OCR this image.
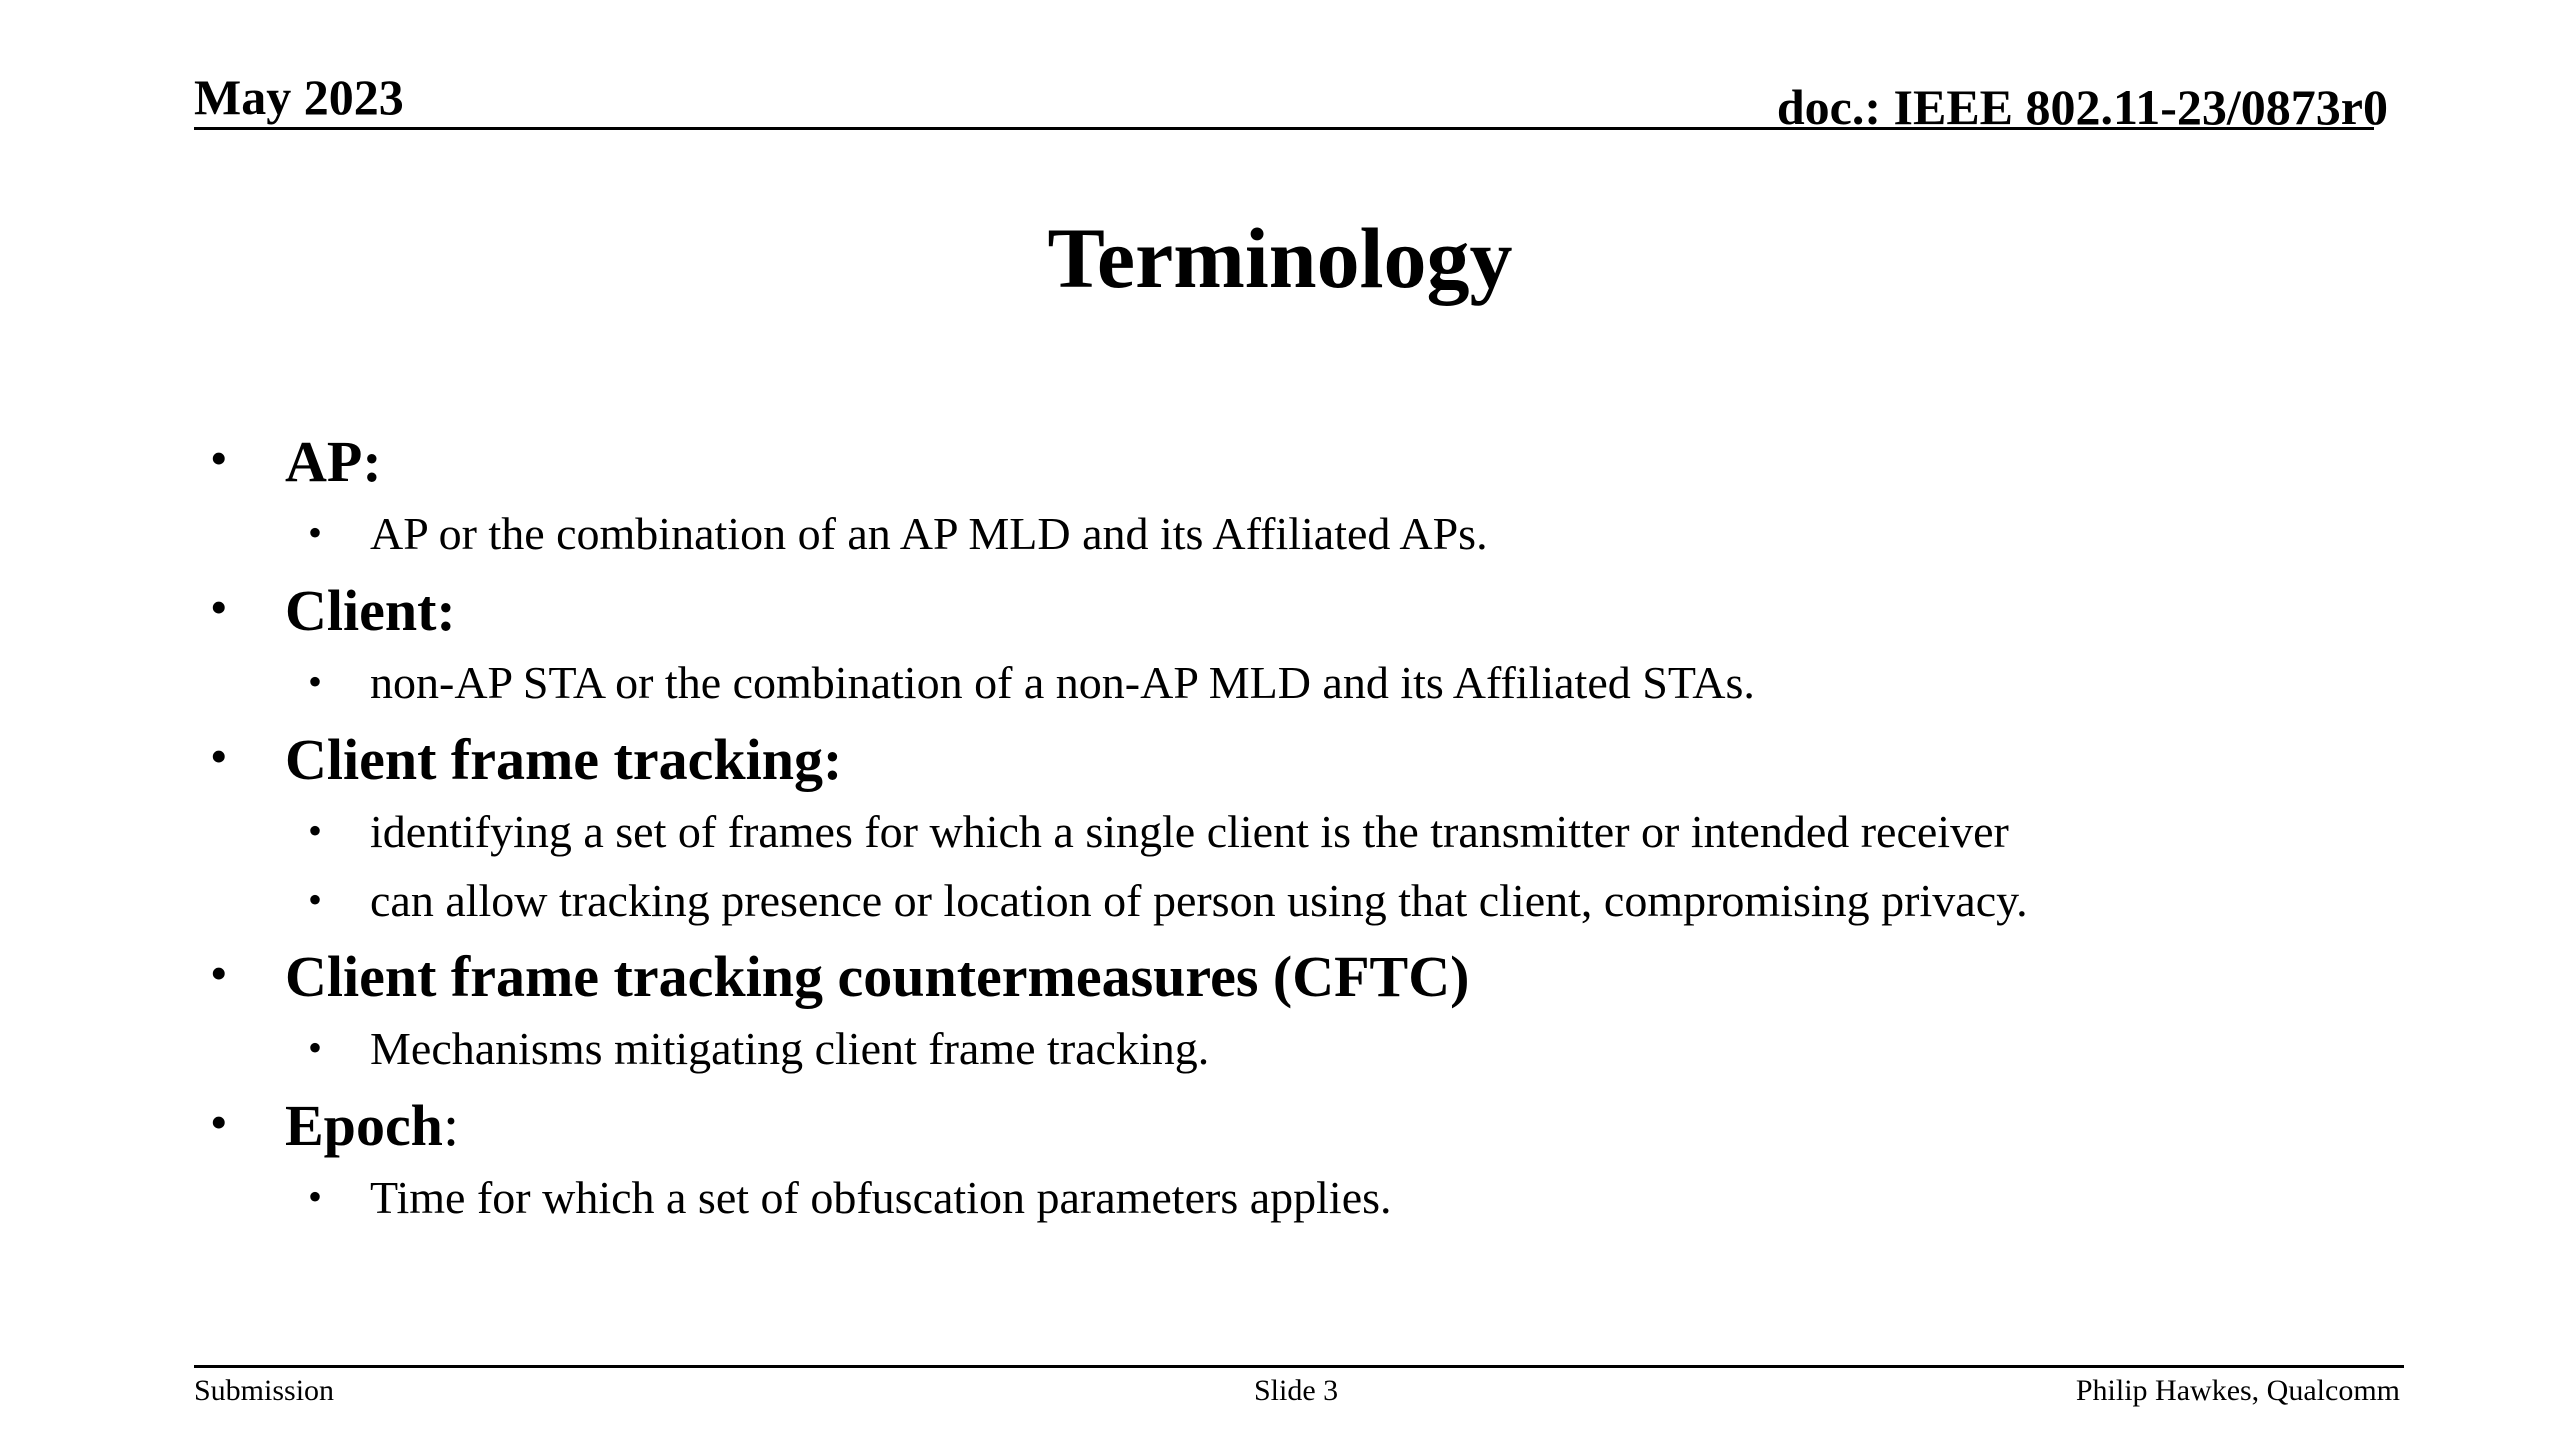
May 2023	doc.: IEEE 802.11-23/0873r0
Terminology
• AP:
• AP or the combination of an AP MLD and its Affiliated APs.
• Client:
• non-AP STA or the combination of a non-AP MLD and its Affiliated STAs.
• Client frame tracking:
• identifying a set of frames for which a single client is the transmitter or intended receiver
• can allow tracking presence or location of person using that client, compromising privacy.
• Client frame tracking countermeasures (CFTC)
• Mechanisms mitigating client frame tracking.
• Epoch:
• Time for which a set of obfuscation parameters applies.
Submission	Slide 3	Philip Hawkes, Qualcomm
